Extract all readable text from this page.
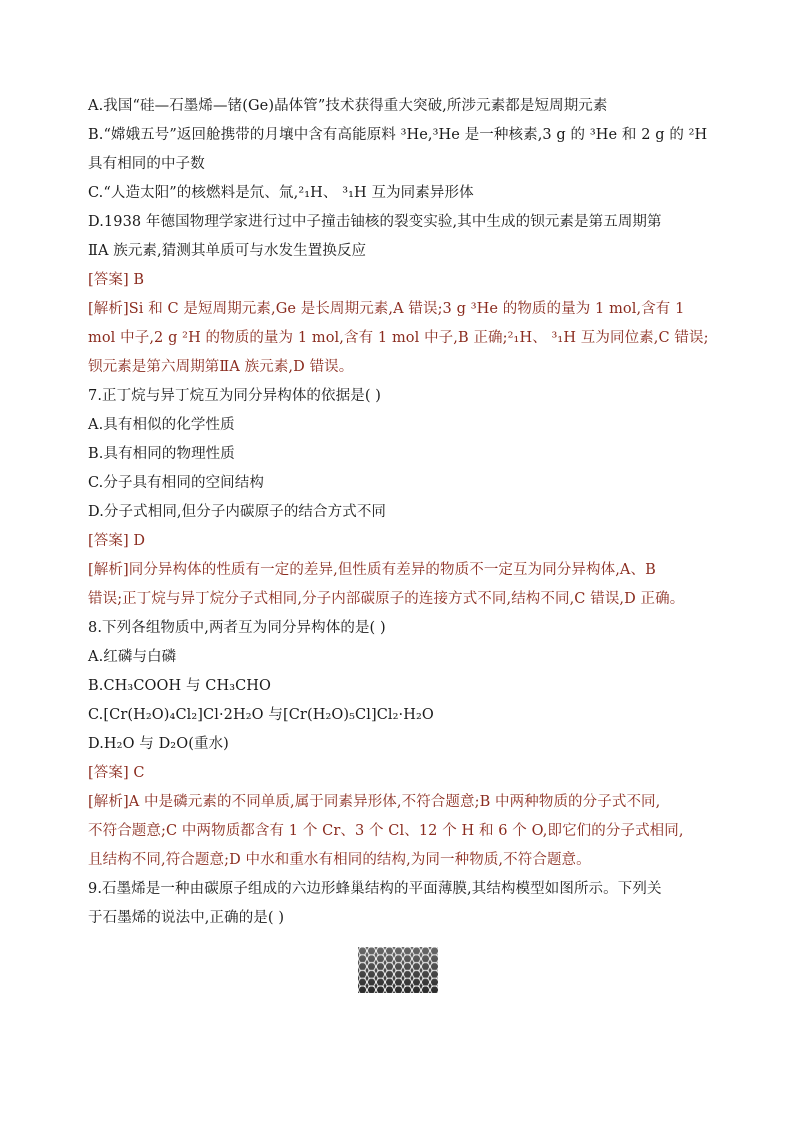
A.我国“硅—石墨烯—锗(Ge)晶体管”技术获得重大突破,所涉元素都是短周期元素
B.“嫦娥五号”返回舱携带的月壤中含有高能原料 ³He,³He 是一种核素,3 g 的 ³He 和 2 g 的 ²H
具有相同的中子数
C.“人造太阳”的核燃料是氘、氚,²₁H、 ³₁H 互为同素异形体
D.1938 年德国物理学家进行过中子撞击铀核的裂变实验,其中生成的钡元素是第五周期第
ⅡA 族元素,猜测其单质可与水发生置换反应
[答案] B
[解析]Si 和 C 是短周期元素,Ge 是长周期元素,A 错误;3 g ³He 的物质的量为 1 mol,含有 1
mol 中子,2 g ²H 的物质的量为 1 mol,含有 1 mol 中子,B 正确;²₁H、 ³₁H 互为同位素,C 错误;
钡元素是第六周期第ⅡA 族元素,D 错误。
7.正丁烷与异丁烷互为同分异构体的依据是( )
A.具有相似的化学性质
B.具有相同的物理性质
C.分子具有相同的空间结构
D.分子式相同,但分子内碳原子的结合方式不同
[答案] D
[解析]同分异构体的性质有一定的差异,但性质有差异的物质不一定互为同分异构体,A、B
错误;正丁烷与异丁烷分子式相同,分子内部碳原子的连接方式不同,结构不同,C 错误,D 正确。
8.下列各组物质中,两者互为同分异构体的是( )
A.红磷与白磷
B.CH₃COOH 与 CH₃CHO
C.[Cr(H₂O)₄Cl₂]Cl·2H₂O 与[Cr(H₂O)₅Cl]Cl₂·H₂O
D.H₂O 与 D₂O(重水)
[答案] C
[解析]A 中是磷元素的不同单质,属于同素异形体,不符合题意;B 中两种物质的分子式不同,
不符合题意;C 中两物质都含有 1 个 Cr、3 个 Cl、12 个 H 和 6 个 O,即它们的分子式相同,
且结构不同,符合题意;D 中水和重水有相同的结构,为同一种物质,不符合题意。
9.石墨烯是一种由碳原子组成的六边形蜂巢结构的平面薄膜,其结构模型如图所示。下列关
于石墨烯的说法中,正确的是( )
